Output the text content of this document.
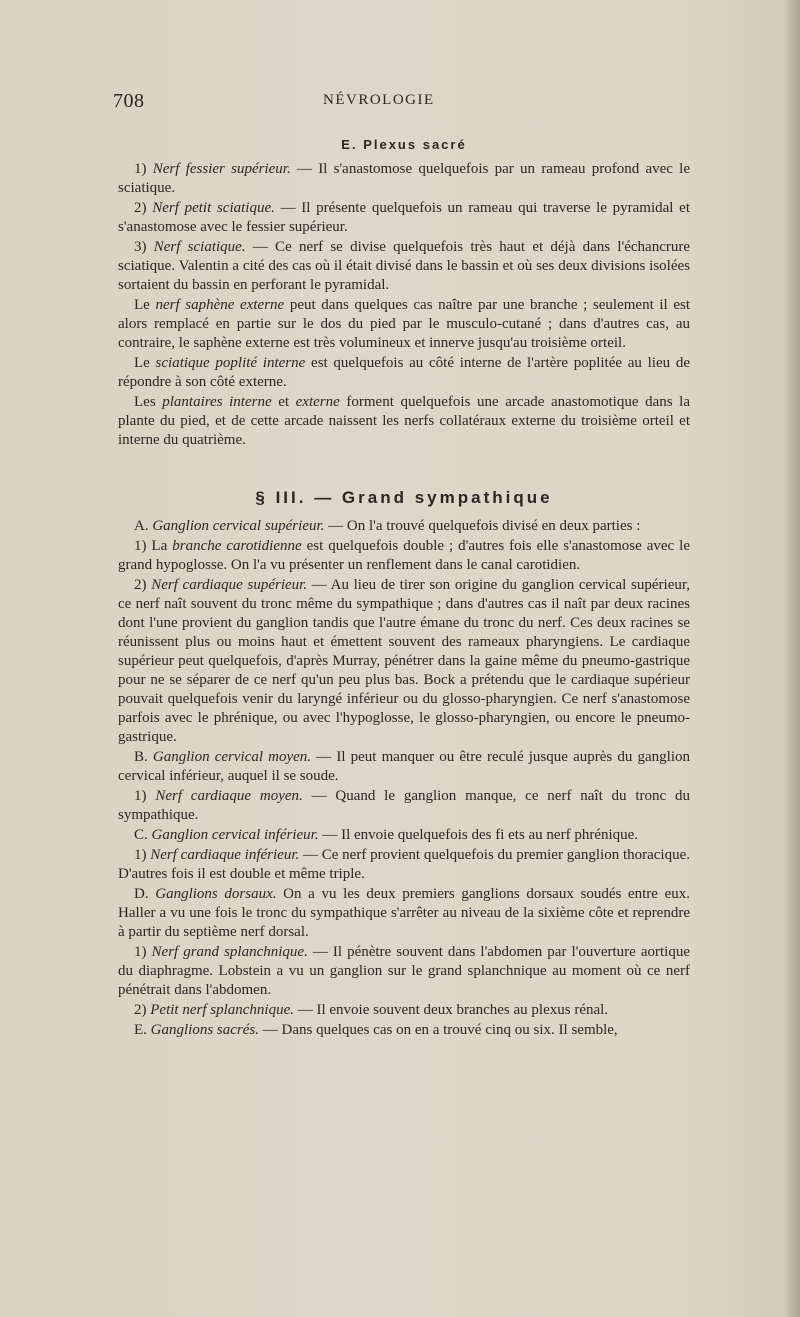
708	NÉVROLOGIE
E. Plexus sacré

1) Nerf fessier supérieur. — Il s'anastomose quelquefois par un rameau profond avec le sciatique.

2) Nerf petit sciatique. — Il présente quelquefois un rameau qui traverse le pyramidal et s'anastomose avec le fessier supérieur.

3) Nerf sciatique. — Ce nerf se divise quelquefois très haut et déjà dans l'échancrure sciatique. Valentin a cité des cas où il était divisé dans le bassin et où ses deux divisions isolées sortaient du bassin en perforant le pyramidal.

Le nerf saphène externe peut dans quelques cas naître par une branche ; seulement il est alors remplacé en partie sur le dos du pied par le musculo-cutané ; dans d'autres cas, au contraire, le saphène externe est très volumineux et innerve jusqu'au troisième orteil.

Le sciatique poplité interne est quelquefois au côté interne de l'artère poplitée au lieu de répondre à son côté externe.

Les plantaires interne et externe forment quelquefois une arcade anastomotique dans la plante du pied, et de cette arcade naissent les nerfs collatéraux externe du troisième orteil et interne du quatrième.

§ III. — Grand sympathique

A. Ganglion cervical supérieur. — On l'a trouvé quelquefois divisé en deux parties :

1) La branche carotidienne est quelquefois double ; d'autres fois elle s'anastomose avec le grand hypoglosse. On l'a vu présenter un renflement dans le canal carotidien.

2) Nerf cardiaque supérieur. — Au lieu de tirer son origine du ganglion cervical supérieur, ce nerf naît souvent du tronc même du sympathique ; dans d'autres cas il naît par deux racines dont l'une provient du ganglion tandis que l'autre émane du tronc du nerf. Ces deux racines se réunissent plus ou moins haut et émettent souvent des rameaux pharyngiens. Le cardiaque supérieur peut quelquefois, d'après Murray, pénétrer dans la gaine même du pneumo-gastrique pour ne se séparer de ce nerf qu'un peu plus bas. Bock a prétendu que le cardiaque supérieur pouvait quelquefois venir du laryngé inférieur ou du glosso-pharyngien. Ce nerf s'anastomose parfois avec le phrénique, ou avec l'hypoglosse, le glosso-pharyngien, ou encore le pneumo-gastrique.

B. Ganglion cervical moyen. — Il peut manquer ou être reculé jusque auprès du ganglion cervical inférieur, auquel il se soude.

1) Nerf cardiaque moyen. — Quand le ganglion manque, ce nerf naît du tronc du sympathique.

C. Ganglion cervical inférieur. — Il envoie quelquefois des fi ets au nerf phrénique.

1) Nerf cardiaque inférieur. — Ce nerf provient quelquefois du premier ganglion thoracique. D'autres fois il est double et même triple.

D. Ganglions dorsaux. On a vu les deux premiers ganglions dorsaux soudés entre eux. Haller a vu une fois le tronc du sympathique s'arrêter au niveau de la sixième côte et reprendre à partir du septième nerf dorsal.

1) Nerf grand splanchnique. — Il pénètre souvent dans l'abdomen par l'ouverture aortique du diaphragme. Lobstein a vu un ganglion sur le grand splanchnique au moment où ce nerf pénétrait dans l'abdomen.

2) Petit nerf splanchnique. — Il envoie souvent deux branches au plexus rénal.

E. Ganglions sacrés. — Dans quelques cas on en a trouvé cinq ou six. Il semble,
